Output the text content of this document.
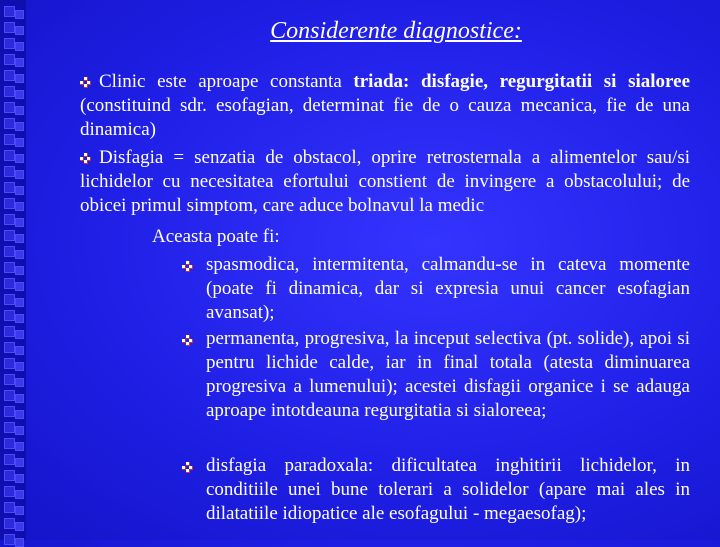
Considerente diagnostice:
Clinic este aproape constanta triada: disfagie, regurgitatii si sialoree (constituind sdr. esofagian, determinat fie de o cauza mecanica, fie de una dinamica)
Disfagia = senzatia de obstacol, oprire retrosternala a alimentelor sau/si lichidelor cu necesitatea efortului constient de invingere a obstacolului; de obicei primul simptom, care aduce bolnavul la medic
Aceasta poate fi:
spasmodica, intermitenta, calmandu-se in cateva momente (poate fi dinamica, dar si expresia unui cancer esofagian avansat);
permanenta, progresiva, la inceput selectiva (pt. solide), apoi si pentru lichide calde, iar in final totala (atesta diminuarea progresiva a lumenului); acestei disfagii organice i se adauga aproape intotdeauna regurgitatia si sialoreea;
disfagia paradoxala: dificultatea inghitirii lichidelor, in conditiile unei bune tolerari a solidelor (apare mai ales in dilatatiile idiopatice ale esofagului - megaesofag);
